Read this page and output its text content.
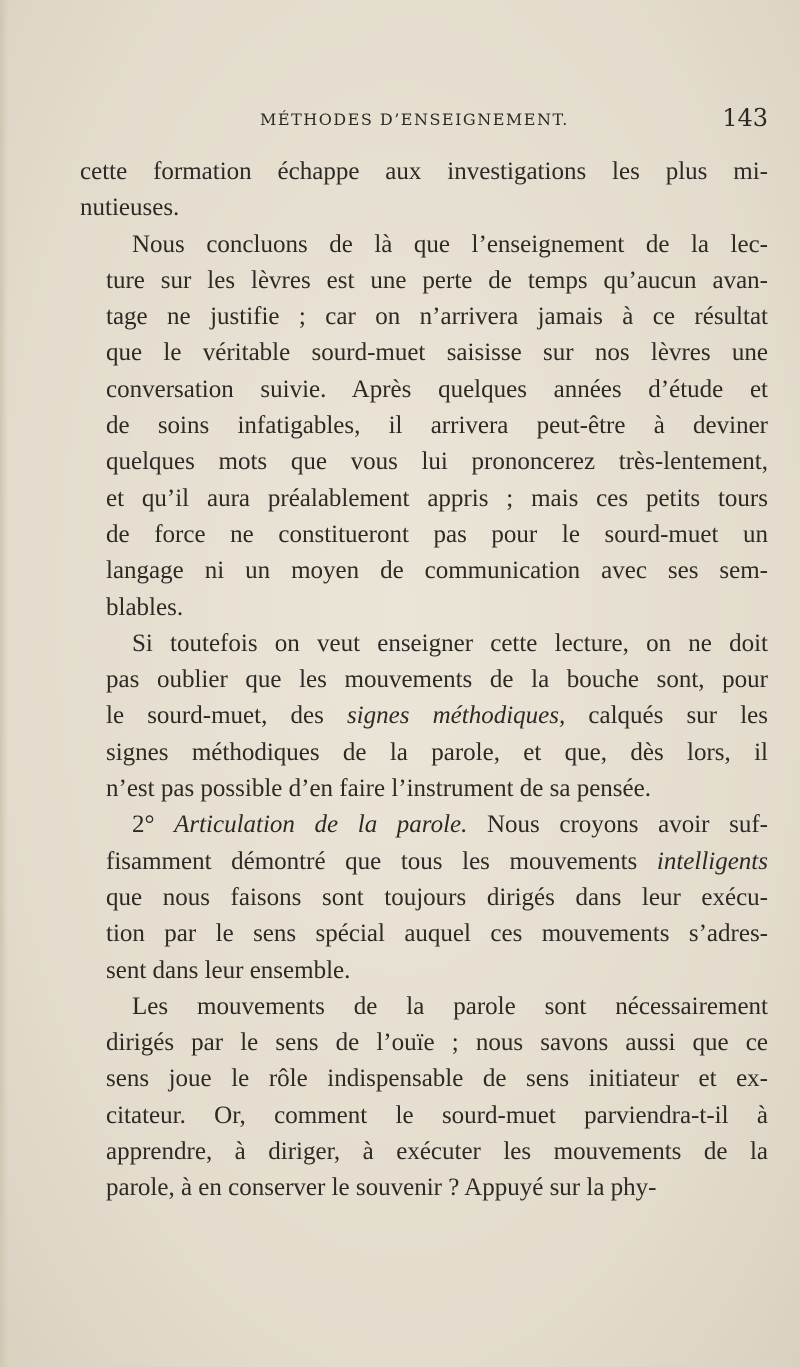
MÉTHODES D’ENSEIGNEMENT.	143
cette formation échappe aux investigations les plus mi-
nutieuses.
Nous concluons de là que l’enseignement de la lec-
ture sur les lèvres est une perte de temps qu’aucun avan-
tage ne justifie ; car on n’arrivera jamais à ce résultat
que le véritable sourd-muet saisisse sur nos lèvres une
conversation suivie. Après quelques années d’étude et
de soins infatigables, il arrivera peut-être à deviner
quelques mots que vous lui prononcerez très-lentement,
et qu’il aura préalablement appris ; mais ces petits tours
de force ne constitueront pas pour le sourd-muet un
langage ni un moyen de communication avec ses sem-
blables.
Si toutefois on veut enseigner cette lecture, on ne doit
pas oublier que les mouvements de la bouche sont, pour
le sourd-muet, des signes méthodiques, calqués sur les
signes méthodiques de la parole, et que, dès lors, il
n’est pas possible d’en faire l’instrument de sa pensée.
2° Articulation de la parole. Nous croyons avoir suf-
fisamment démontré que tous les mouvements intelligents
que nous faisons sont toujours dirigés dans leur exécu-
tion par le sens spécial auquel ces mouvements s’adres-
sent dans leur ensemble.
Les mouvements de la parole sont nécessairement
dirigés par le sens de l’ouïe ; nous savons aussi que ce
sens joue le rôle indispensable de sens initiateur et ex-
citateur. Or, comment le sourd-muet parviendra-t-il à
apprendre, à diriger, à exécuter les mouvements de la
parole, à en conserver le souvenir ? Appuyé sur la phy-
